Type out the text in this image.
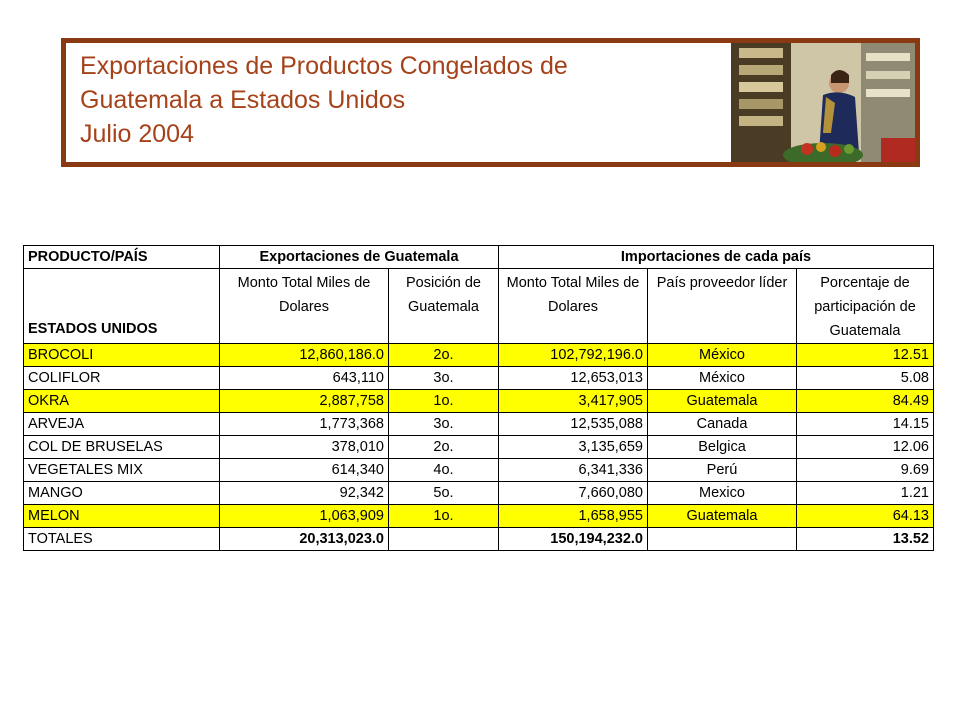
Exportaciones de Productos Congelados de
Guatemala a Estados Unidos
Julio 2004
PRODUCTO/PAÍS	Exportaciones de Guatemala		Importaciones de cada país		
ESTADOS UNIDOS	Monto Total Miles de Dolares	Posición de Guatemala	Monto Total Miles de Dolares	País proveedor líder	Porcentaje de participación de Guatemala
BROCOLI	12,860,186.0	2o.	102,792,196.0	México	12.51
COLIFLOR	643,110	3o.	12,653,013	México	5.08
OKRA	2,887,758	1o.	3,417,905	Guatemala	84.49
ARVEJA	1,773,368	3o.	12,535,088	Canada	14.15
COL DE BRUSELAS	378,010	2o.	3,135,659	Belgica	12.06
VEGETALES MIX	614,340	4o.	6,341,336	Perú	9.69
MANGO	92,342	5o.	7,660,080	Mexico	1.21
MELON	1,063,909	1o.	1,658,955	Guatemala	64.13
TOTALES	20,313,023.0		150,194,232.0		13.52
